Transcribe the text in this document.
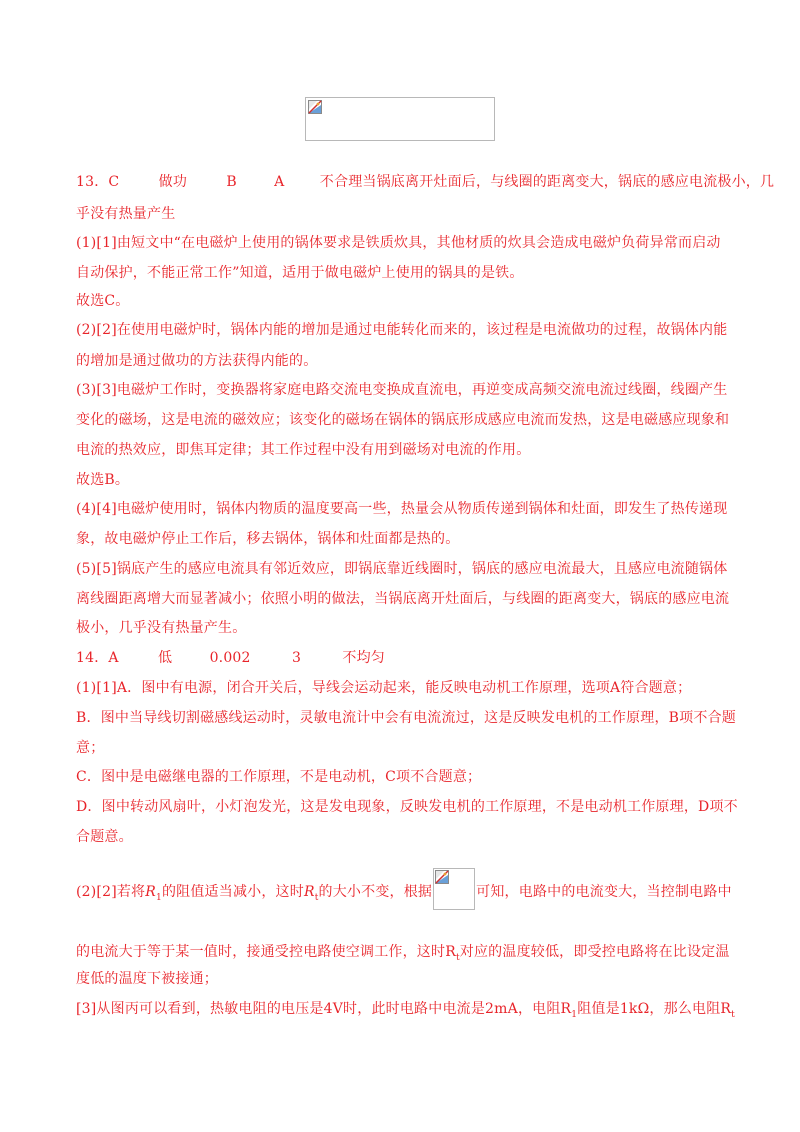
13．C	做功	B	A	不合理当锅底离开灶面后，与线圈的距离变大，锅底的感应电流极小，几
乎没有热量产生
(1)[1]由短文中“在电磁炉上使用的锅体要求是铁质炊具，其他材质的炊具会造成电磁炉负荷异常而启动
自动保护，不能正常工作”知道，适用于做电磁炉上使用的锅具的是铁。
故选C。
(2)[2]在使用电磁炉时，锅体内能的增加是通过电能转化而来的，该过程是电流做功的过程，故锅体内能
的增加是通过做功的方法获得内能的。
(3)[3]电磁炉工作时，变换器将家庭电路交流电变换成直流电，再逆变成高频交流电流过线圈，线圈产生
变化的磁场，这是电流的磁效应；该变化的磁场在锅体的锅底形成感应电流而发热，这是电磁感应现象和
电流的热效应，即焦耳定律；其工作过程中没有用到磁场对电流的作用。
故选B。
(4)[4]电磁炉使用时，锅体内物质的温度要高一些，热量会从物质传递到锅体和灶面，即发生了热传递现
象，故电磁炉停止工作后，移去锅体，锅体和灶面都是热的。
(5)[5]锅底产生的感应电流具有邻近效应，即锅底靠近线圈时，锅底的感应电流最大，且感应电流随锅体
离线圈距离增大而显著减小；依照小明的做法，当锅底离开灶面后，与线圈的距离变大，锅底的感应电流
极小，几乎没有热量产生。
14．A	低	0.002	3	不均匀
(1)[1]A．图中有电源，闭合开关后，导线会运动起来，能反映电动机工作原理，选项A符合题意；
B．图中当导线切割磁感线运动时，灵敏电流计中会有电流流过，这是反映发电机的工作原理，B项不合题
意；
C．图中是电磁继电器的工作原理，不是电动机，C项不合题意；
D．图中转动风扇叶，小灯泡发光，这是发电现象，反映发电机的工作原理，不是电动机工作原理，D项不
合题意。
(2)[2]若将$R_1$的阻值适当减小，这时$R_t$的大小不变，根据	可知，电路中的电流变大，当控制电路中
的电流大于等于某一值时，接通受控电路使空调工作，这时$R_t$对应的温度较低，即受控电路将在比设定温
度低的温度下被接通；
[3]从图丙可以看到，热敏电阻的电压是4V时，此时电路中电流是2mA，电阻$R_1$阻值是1kΩ，那么电阻$R_t$
